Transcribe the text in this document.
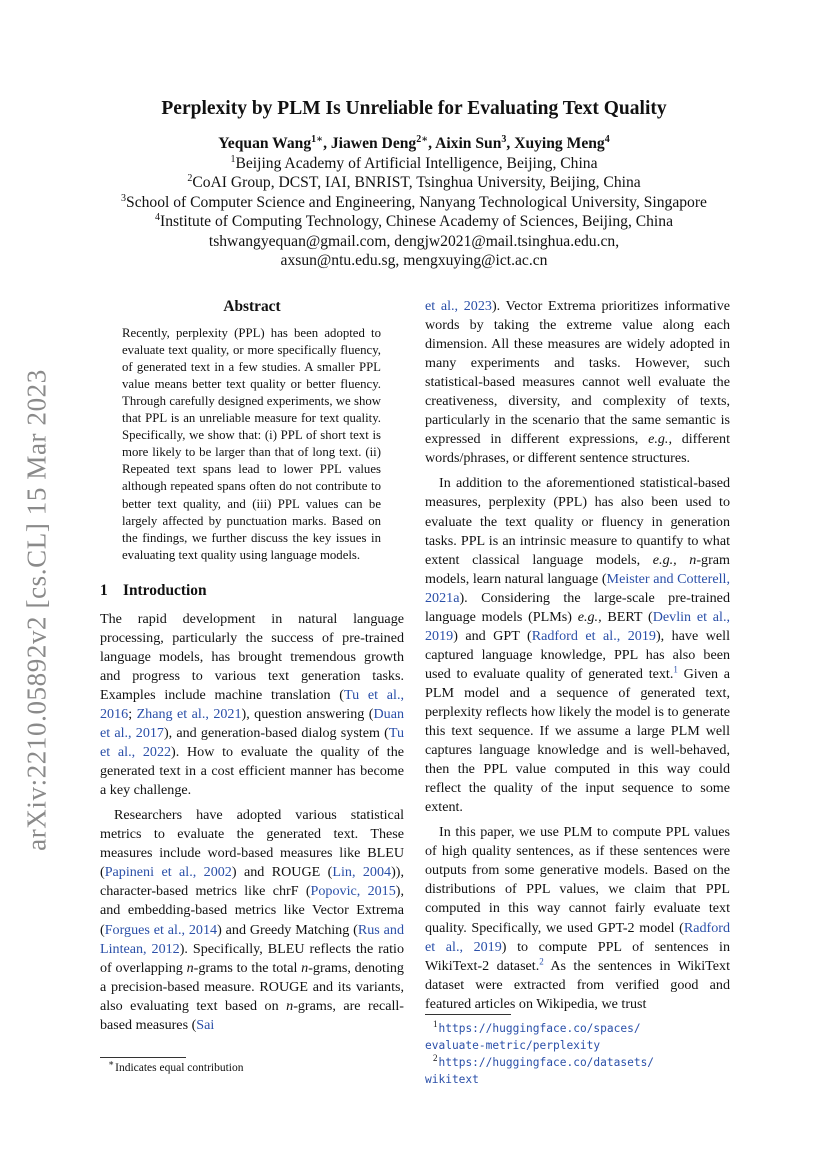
arXiv:2210.05892v2 [cs.CL] 15 Mar 2023
Perplexity by PLM Is Unreliable for Evaluating Text Quality
Yequan Wang$^{1∗}$, Jiawen Deng$^{2∗}$, Aixin Sun$^3$, Xuying Meng$^4$
$^1$Beijing Academy of Artificial Intelligence, Beijing, China
$^2$CoAI Group, DCST, IAI, BNRIST, Tsinghua University, Beijing, China
$^3$School of Computer Science and Engineering, Nanyang Technological University, Singapore
$^4$Institute of Computing Technology, Chinese Academy of Sciences, Beijing, China
tshwangyequan@gmail.com, dengjw2021@mail.tsinghua.edu.cn,
axsun@ntu.edu.sg, mengxuying@ict.ac.cn
Abstract

Recently, perplexity (PPL) has been adopted to evaluate text quality, or more specifically fluency, of generated text in a few studies. A smaller PPL value means better text quality or better fluency. Through carefully designed experiments, we show that PPL is an unreliable measure for text quality. Specifically, we show that: (i) PPL of short text is more likely to be larger than that of long text. (ii) Repeated text spans lead to lower PPL values although repeated spans often do not contribute to better text quality, and (iii) PPL values can be largely affected by punctuation marks. Based on the findings, we further discuss the key issues in evaluating text quality using language models.

1 Introduction

The rapid development in natural language processing, particularly the success of pre-trained language models, has brought tremendous growth and progress to various text generation tasks. Examples include machine translation (Tu et al., 2016; Zhang et al., 2021), question answering (Duan et al., 2017), and generation-based dialog system (Tu et al., 2022). How to evaluate the quality of the generated text in a cost efficient manner has become a key challenge.

Researchers have adopted various statistical metrics to evaluate the generated text. These measures include word-based measures like BLEU (Papineni et al., 2002) and ROUGE (Lin, 2004)), character-based metrics like chrF (Popovic, 2015), and embedding-based metrics like Vector Extrema (Forgues et al., 2014) and Greedy Matching (Rus and Lintean, 2012). Specifically, BLEU reflects the ratio of overlapping n-grams to the total n-grams, denoting a precision-based measure. ROUGE and its variants, also evaluating text based on n-grams, are recall-based measures (Sai

∗Indicates equal contribution

et al., 2023). Vector Extrema prioritizes informative words by taking the extreme value along each dimension. All these measures are widely adopted in many experiments and tasks. However, such statistical-based measures cannot well evaluate the creativeness, diversity, and complexity of texts, particularly in the scenario that the same semantic is expressed in different expressions, e.g., different words/phrases, or different sentence structures.

In addition to the aforementioned statistical-based measures, perplexity (PPL) has also been used to evaluate the text quality or fluency in generation tasks. PPL is an intrinsic measure to quantify to what extent classical language models, e.g., n-gram models, learn natural language (Meister and Cotterell, 2021a). Considering the large-scale pre-trained language models (PLMs) e.g., BERT (Devlin et al., 2019) and GPT (Radford et al., 2019), have well captured language knowledge, PPL has also been used to evaluate quality of generated text.$^1$ Given a PLM model and a sequence of generated text, perplexity reflects how likely the model is to generate this text sequence. If we assume a large PLM well captures language knowledge and is well-behaved, then the PPL value computed in this way could reflect the quality of the input sequence to some extent.

In this paper, we use PLM to compute PPL values of high quality sentences, as if these sentences were outputs from some generative models. Based on the distributions of PPL values, we claim that PPL computed in this way cannot fairly evaluate text quality. Specifically, we used GPT-2 model (Radford et al., 2019) to compute PPL of sentences in WikiText-2 dataset.$^2$ As the sentences in WikiText dataset were extracted from verified good and featured articles on Wikipedia, we trust

$^1$https://huggingface.co/spaces/
evaluate-metric/perplexity
$^2$https://huggingface.co/datasets/
wikitext
